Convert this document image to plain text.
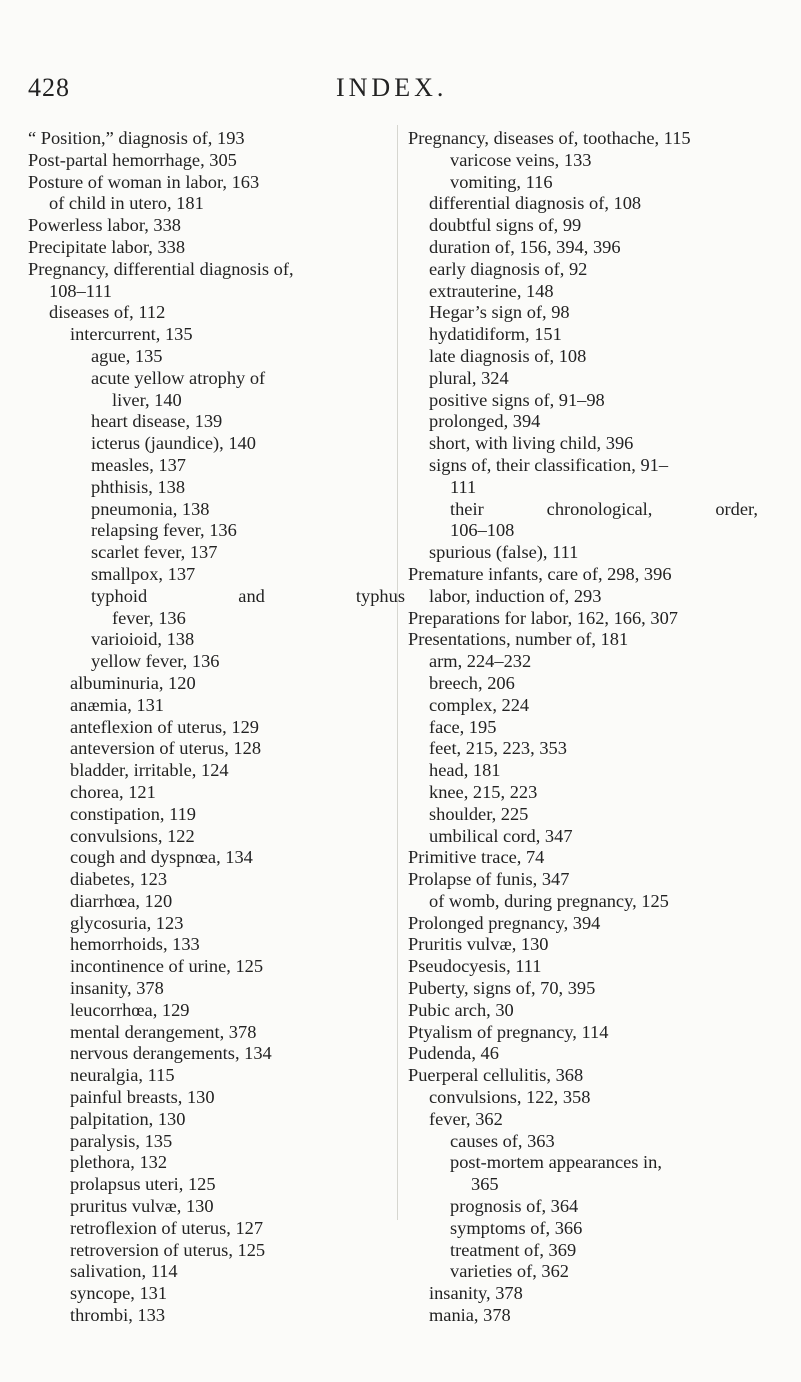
428	INDEX.
“ Position,” diagnosis of, 193
Post-partal hemorrhage, 305
Posture of woman in labor, 163
of child in utero, 181
Powerless labor, 338
Precipitate labor, 338
Pregnancy, differential diagnosis of,
108–111
diseases of, 112
intercurrent, 135
ague, 135
acute yellow atrophy of
liver, 140
heart disease, 139
icterus (jaundice), 140
measles, 137
phthisis, 138
pneumonia, 138
relapsing fever, 136
scarlet fever, 137
smallpox, 137
typhoid	and	typhus
fever, 136
varioioid, 138
yellow fever, 136
albuminuria, 120
anæmia, 131
anteflexion of uterus, 129
anteversion of uterus, 128
bladder, irritable, 124
chorea, 121
constipation, 119
convulsions, 122
cough and dyspnœa, 134
diabetes, 123
diarrhœa, 120
glycosuria, 123
hemorrhoids, 133
incontinence of urine, 125
insanity, 378
leucorrhœa, 129
mental derangement, 378
nervous derangements, 134
neuralgia, 115
painful breasts, 130
palpitation, 130
paralysis, 135
plethora, 132
prolapsus uteri, 125
pruritus vulvæ, 130
retroflexion of uterus, 127
retroversion of uterus, 125
salivation, 114
syncope, 131
thrombi, 133
Pregnancy, diseases of, toothache, 115
varicose veins, 133
vomiting, 116
differential diagnosis of, 108
doubtful signs of, 99
duration of, 156, 394, 396
early diagnosis of, 92
extrauterine, 148
Hegar’s sign of, 98
hydatidiform, 151
late diagnosis of, 108
plural, 324
positive signs of, 91–98
prolonged, 394
short, with living child, 396
signs of, their classification, 91–
111
their	chronological,	order,
106–108
spurious (false), 111
Premature infants, care of, 298, 396
labor, induction of, 293
Preparations for labor, 162, 166, 307
Presentations, number of, 181
arm, 224–232
breech, 206
complex, 224
face, 195
feet, 215, 223, 353
head, 181
knee, 215, 223
shoulder, 225
umbilical cord, 347
Primitive trace, 74
Prolapse of funis, 347
of womb, during pregnancy, 125
Prolonged pregnancy, 394
Pruritis vulvæ, 130
Pseudocyesis, 111
Puberty, signs of, 70, 395
Pubic arch, 30
Ptyalism of pregnancy, 114
Pudenda, 46
Puerperal cellulitis, 368
convulsions, 122, 358
fever, 362
causes of, 363
post-mortem appearances in,
365
prognosis of, 364
symptoms of, 366
treatment of, 369
varieties of, 362
insanity, 378
mania, 378
